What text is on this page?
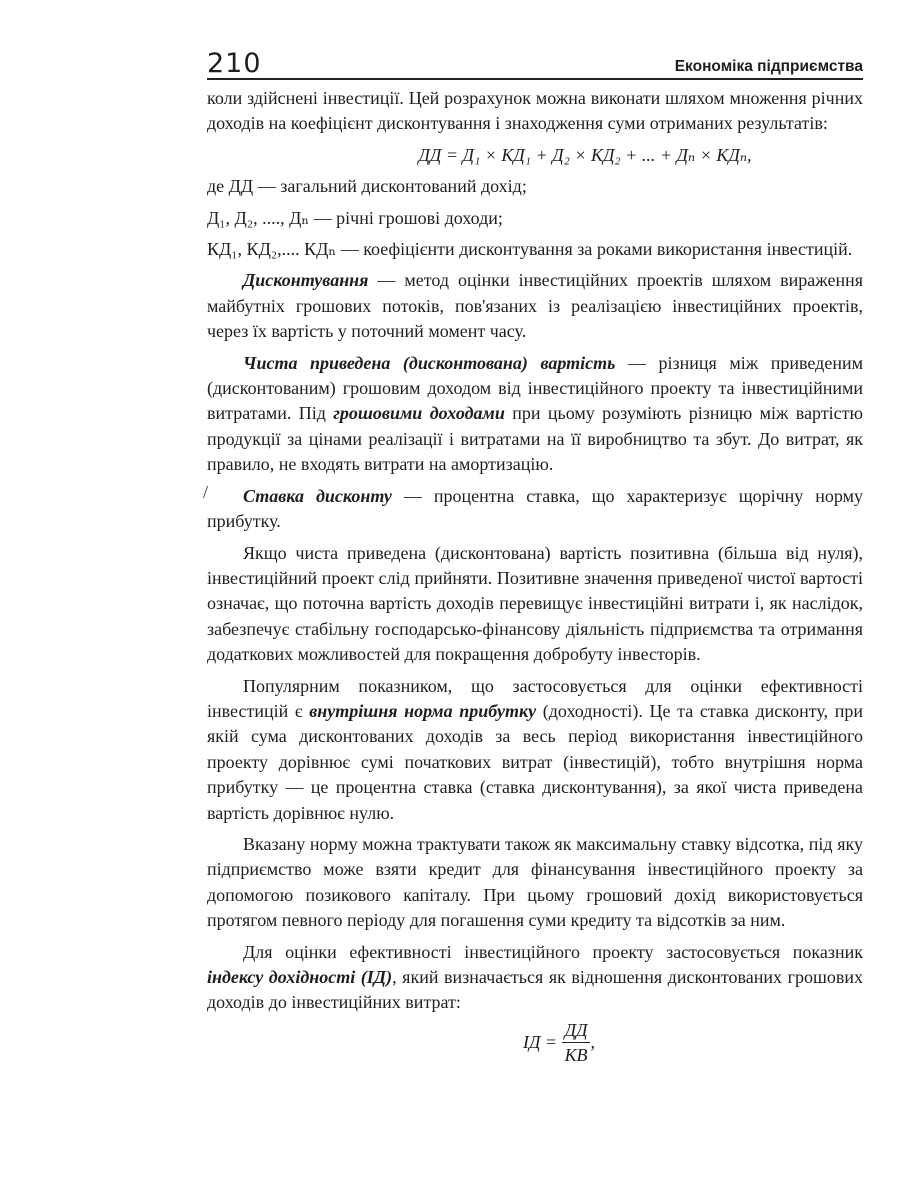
210	Економіка підприємства
/

коли здійснені інвестиції. Цей розрахунок можна виконати шляхом множення річних доходів на коефіцієнт дисконтування і знаходження суми отриманих результатів:

ДД = Д₁ × КД₁ + Д₂ × КД₂ + ... + Дₙ × КДₙ,

де ДД — загальний дисконтований дохід;

Д₁, Д₂, ...., Дₙ — річні грошові доходи;

КД₁, КД₂,.... КДₙ — коефіцієнти дисконтування за роками використання інвестицій.

Дисконтування — метод оцінки інвестиційних проектів шляхом вираження майбутніх грошових потоків, пов'язаних із реалізацією інвестиційних проектів, через їх вартість у поточний момент часу.

Чиста приведена (дисконтована) вартість — різниця між приведеним (дисконтованим) грошовим доходом від інвестиційного проекту та інвестиційними витратами. Під грошовими доходами при цьому розуміють різницю між вартістю продукції за цінами реалізації і витратами на її виробництво та збут. До витрат, як правило, не входять витрати на амортизацію.

Ставка дисконту — процентна ставка, що характеризує щорічну норму прибутку.

Якщо чиста приведена (дисконтована) вартість позитивна (більша від нуля), інвестиційний проект слід прийняти. Позитивне значення приведеної чистої вартості означає, що поточна вартість доходів перевищує інвестиційні витрати і, як наслідок, забезпечує стабільну господарсько-фінансову діяльність підприємства та отримання додаткових можливостей для покращення добробуту інвесторів.

Популярним показником, що застосовується для оцінки ефективності інвестицій є внутрішня норма прибутку (доходності). Це та ставка дисконту, при якій сума дисконтованих доходів за весь період використання інвестиційного проекту дорівнює сумі початкових витрат (інвестицій), тобто внутрішня норма прибутку — це процентна ставка (ставка дисконтування), за якої чиста приведена вартість дорівнює нулю.

Вказану норму можна трактувати також як максимальну ставку відсотка, під яку підприємство може взяти кредит для фінансування інвестиційного проекту за допомогою позикового капіталу. При цьому грошовий дохід використовується протягом певного періоду для погашення суми кредиту та відсотків за ним.

Для оцінки ефективності інвестиційного проекту застосовується показник індексу дохідності (ІД), який визначається як відношення дисконтованих грошових доходів до інвестиційних витрат:

ІД = $\frac{ДД}{КВ}$ ,
